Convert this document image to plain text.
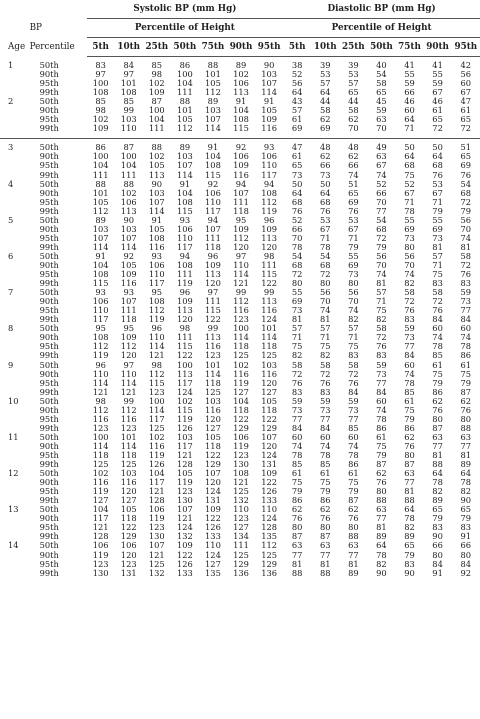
		Systolic BP (mm Hg)							Diastolic BP (mm Hg)						
	BP	Percentile of Height							Percentile of Height						
Age	Percentile	5th	10th	25th	50th	75th	90th	95th	5th	10th	25th	50th	75th	90th	95th

1	50th	83	84	85	86	88	89	90	38	39	39	40	41	41	42
	90th	97	97	98	100	101	102	103	52	53	53	54	55	55	56
	95th	100	101	102	104	105	106	107	56	57	57	58	59	59	60
	99th	108	108	109	111	112	113	114	64	64	65	65	66	67	67
2	50th	85	85	87	88	89	91	91	43	44	44	45	46	46	47
	90th	98	99	100	101	103	104	105	57	58	58	59	60	61	61
	95th	102	103	104	105	107	108	109	61	62	62	63	64	65	65
	99th	109	110	111	112	114	115	116	69	69	70	70	71	72	72

3	50th	86	87	88	89	91	92	93	47	48	48	49	50	50	51
	90th	100	100	102	103	104	106	106	61	62	62	63	64	64	65
	95th	104	104	105	107	108	109	110	65	66	66	67	68	68	69
	99th	111	111	113	114	115	116	117	73	73	74	74	75	76	76
4	50th	88	88	90	91	92	94	94	50	50	51	52	52	53	54
	90th	101	102	103	104	106	107	108	64	64	65	66	67	67	68
	95th	105	106	107	108	110	111	112	68	68	69	70	71	71	72
	99th	112	113	114	115	117	118	119	76	76	76	77	78	79	79
5	50th	89	90	91	93	94	95	96	52	53	53	54	55	55	56
	90th	103	103	105	106	107	109	109	66	67	67	68	69	69	70
	95th	107	107	108	110	111	112	113	70	71	71	72	73	73	74
	99th	114	114	116	117	118	120	120	78	78	79	79	80	81	81
6	50th	91	92	93	94	96	97	98	54	54	55	56	56	57	58
	90th	104	105	106	108	109	110	111	68	68	69	70	70	71	72
	95th	108	109	110	111	113	114	115	72	72	73	74	74	75	76
	99th	115	116	117	119	120	121	122	80	80	80	81	82	83	83
7	50th	93	93	95	96	97	99	99	55	56	56	57	58	58	59
	90th	106	107	108	109	111	112	113	69	70	70	71	72	72	73
	95th	110	111	112	113	115	116	116	73	74	74	75	76	76	77
	99th	117	118	119	120	122	123	124	81	81	82	82	83	84	84
8	50th	95	95	96	98	99	100	101	57	57	57	58	59	60	60
	90th	108	109	110	111	113	114	114	71	71	71	72	73	74	74
	95th	112	112	114	115	116	118	118	75	75	75	76	77	78	78
	99th	119	120	121	122	123	125	125	82	82	83	83	84	85	86
9	50th	96	97	98	100	101	102	103	58	58	58	59	60	61	61
	90th	110	110	112	113	114	116	116	72	72	72	73	74	75	75
	95th	114	114	115	117	118	119	120	76	76	76	77	78	79	79
	99th	121	121	123	124	125	127	127	83	83	84	84	85	86	87
10	50th	98	99	100	102	103	104	105	59	59	59	60	61	62	62
	90th	112	112	114	115	116	118	118	73	73	73	74	75	76	76
	95th	116	116	117	119	120	122	122	77	77	77	78	79	80	80
	99th	123	123	125	126	127	129	129	84	84	85	86	86	87	88
11	50th	100	101	102	103	105	106	107	60	60	60	61	62	63	63
	90th	114	114	116	117	118	119	120	74	74	74	75	76	77	77
	95th	118	118	119	121	122	123	124	78	78	78	79	80	81	81
	99th	125	125	126	128	129	130	131	85	85	86	87	87	88	89
12	50th	102	103	104	105	107	108	109	61	61	61	62	63	64	64
	90th	116	116	117	119	120	121	122	75	75	75	76	77	78	78
	95th	119	120	121	123	124	125	126	79	79	79	80	81	82	82
	99th	127	127	128	130	131	132	133	86	86	87	88	88	89	90
13	50th	104	105	106	107	109	110	110	62	62	62	63	64	65	65
	90th	117	118	119	121	122	123	124	76	76	76	77	78	79	79
	95th	121	122	123	124	126	127	128	80	80	80	81	82	83	83
	99th	128	129	130	132	133	134	135	87	87	88	89	89	90	91
14	50th	106	106	107	109	110	111	112	63	63	63	64	65	66	66
	90th	119	120	121	122	124	125	125	77	77	77	78	79	80	80
	95th	123	123	125	126	127	129	129	81	81	81	82	83	84	84
	99th	130	131	132	133	135	136	136	88	88	89	90	90	91	92
